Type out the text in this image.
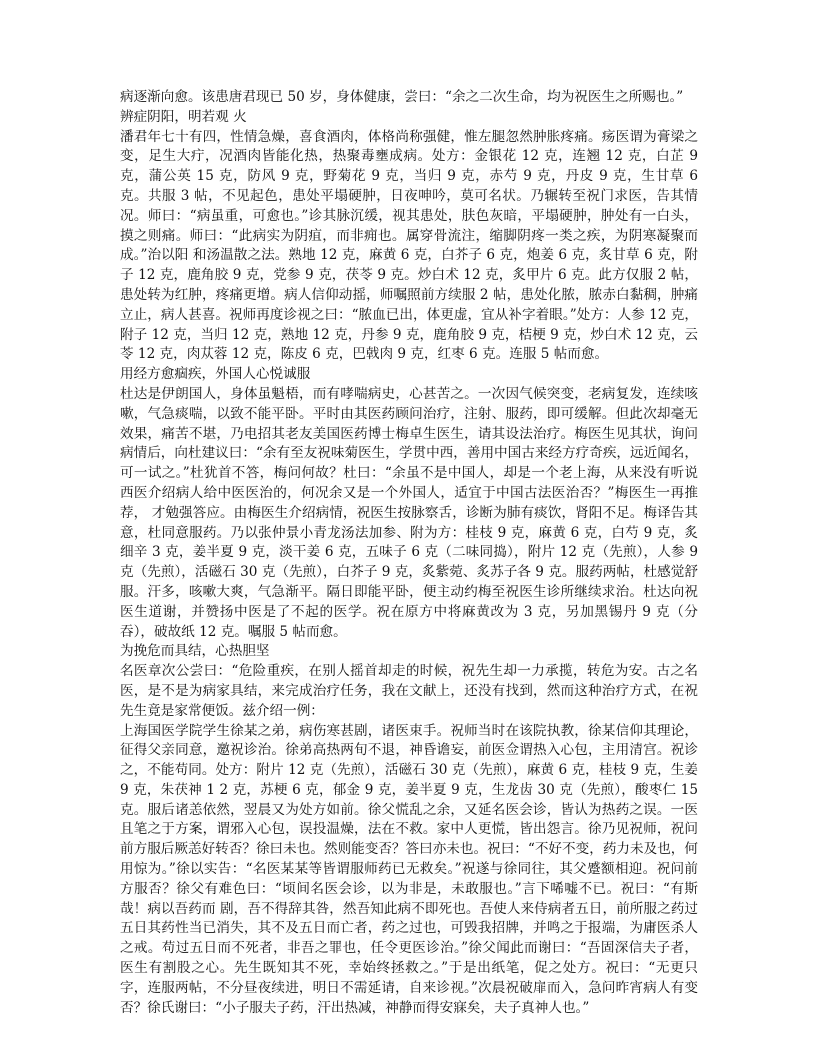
病逐渐向愈。该患唐君现已 50 岁，身体健康，尝曰：“余之二次生命，均为祝医生之所赐也。”

辨症阴阳，明若观 火

潘君年七十有四，性情急燥，喜食酒肉，体格尚称强健，惟左腿忽然肿胀疼痛。疡医谓为膏梁之变，足生大疔，况酒肉皆能化热，热聚毒壅成病。处方：金银花 12 克，连翘 12 克，白芷 9 克，蒲公英 15 克，防风 9 克，野菊花 9 克，当归 9 克，赤芍 9 克，丹皮 9 克，生甘草 6 克。共服 3 帖，不见起色，患处平塌硬肿，日夜呻吟，莫可名状。乃辗转至祝门求医，告其情况。师曰：“病虽重，可愈也。”诊其脉沉缓，视其患处，肤色灰暗，平塌硬肿，肿处有一白头，摸之则痛。师曰：“此病实为阴疽，而非痈也。属穿骨流注，缩脚阴疼一类之疾，为阴寒凝聚而成。”治以阳 和汤温散之法。熟地 12 克，麻黄 6 克，白芥子 6 克，炮姜 6 克，炙甘草 6 克，附子 12 克，鹿角胶 9 克，党参 9 克，茯苓 9 克。炒白术 12 克，炙甲片 6 克。此方仅服 2 帖，患处转为红肿，疼痛更增。病人信仰动摇，师嘱照前方续服 2 帖，患处化脓，脓赤白黏稠，肿痛立止，病人甚喜。祝师再度诊视之曰：“脓血已出，体更虚，宜从补字着眼。”处方：人参 12 克，附子 12 克，当归 12 克，熟地 12 克，丹参 9 克，鹿角胶 9 克，桔梗 9 克，炒白术 12 克，云苓 12 克，肉苁蓉 12 克，陈皮 6 克，巴戟肉 9 克，红枣 6 克。连服 5 帖而愈。

用经方愈痼疾，外国人心悦诚服

杜达是伊朗国人，身体虽魁梧，而有哮喘病史，心甚苦之。一次因气候突变，老病复发，连续咳嗽，气急痰喘，以致不能平卧。平时由其医药顾问治疗，注射、服药，即可缓解。但此次却毫无效果，痛苦不堪，乃电招其老友美国医药博士梅卓生医生，请其设法治疗。梅医生见其状，询问病情后，向杜建议曰：“余有至友祝味菊医生，学贯中西，善用中国古来经方疗奇疾，远近闻名，可一试之。”杜犹首不答，梅问何故？杜曰：“余虽不是中国人，却是一个老上海，从来没有听说西医介绍病人给中医医治的，何况余又是一个外国人，适宜于中国古法医治否？”梅医生一再推荐， 才勉强答应。由梅医生介绍病情，祝医生按脉察舌，诊断为肺有痰饮，肾阳不足。梅译告其意，杜同意服药。乃以张仲景小青龙汤法加参、附为方：桂枝 9 克，麻黄 6 克，白芍 9 克，炙细辛 3 克，姜半夏 9 克，淡干姜 6 克，五味子 6 克（二味同捣），附片 12 克（先煎），人参 9 克（先煎），活磁石 30 克（先煎），白芥子 9 克，炙紫菀、炙苏子各 9 克。服药两帖，杜感觉舒服。汗多，咳嗽大爽，气急渐平。隔日即能平卧，便主动约梅至祝医生诊所继续求治。杜达向祝医生道谢，并赞扬中医是了不起的医学。祝在原方中将麻黄改为 3 克，另加黑锡丹 9 克（分吞），破故纸 12 克。嘱服 5 帖而愈。

为挽危而具结，心热胆坚

名医章次公尝曰：“危险重疾，在别人摇首却走的时候，祝先生却一力承揽，转危为安。古之名医，是不是为病家具结，来完成治疗任务，我在文献上，还没有找到，然而这种治疗方式，在祝先生竟是家常便饭。兹介绍一例：

上海国医学院学生徐某之弟，病伤寒甚剧，诸医束手。祝师当时在该院执教，徐某信仰其理论，征得父亲同意，邀祝诊治。徐弟高热两旬不退，神昏谵妄，前医佥谓热入心包，主用清宫。祝诊之，不能苟同。处方：附片 12 克（先煎），活磁石 30 克（先煎），麻黄 6 克，桂枝 9 克，生姜 9 克，朱茯神 1 2 克，苏梗 6 克，郁金 9 克，姜半夏 9 克，生龙齿 30 克（先煎），酸枣仁 15 克。服后诸恙依然，翌晨又为处方如前。徐父慌乱之余，又延名医会诊，皆认为热药之误。一医且笔之于方案，谓邪入心包，误投温燥，法在不救。家中人更慌，皆出怨言。徐乃见祝师，祝问前方服后厥恙好转否？徐曰未也。然则能变否？答曰亦未也。祝曰：“不好不变，药力未及也，何用惊为。”徐以实告：“名医某某等皆谓服师药已无救矣。”祝遂与徐同往，其父蹙额相迎。祝问前方服否？徐父有难色曰：“顷间名医会诊，以为非是，未敢服也。”言下唏嘘不已。祝曰：“有斯哉！病以吾药而 剧，吾不得辞其咎，然吾知此病不即死也。吾使人来侍病者五日，前所服之药过五日其药性当已消失，其不及五日而亡者，药之过也，可毁我招牌，并鸣之于报端，为庸医杀人之戒。苟过五日而不死者，非吾之罪也，任令更医诊治。”徐父闻此而谢曰：“吾固深信夫子者，医生有割股之心。先生既知其不死，幸始终拯救之。”于是出纸笔，促之处方。祝曰：“无更只字，连服两帖，不分昼夜续进，明日不需延请，自来诊视。”次晨祝破扉而入，急问昨宵病人有变否？徐氏谢曰：“小子服夫子药，汗出热减，神静而得安寐矣，夫子真神人也。”
